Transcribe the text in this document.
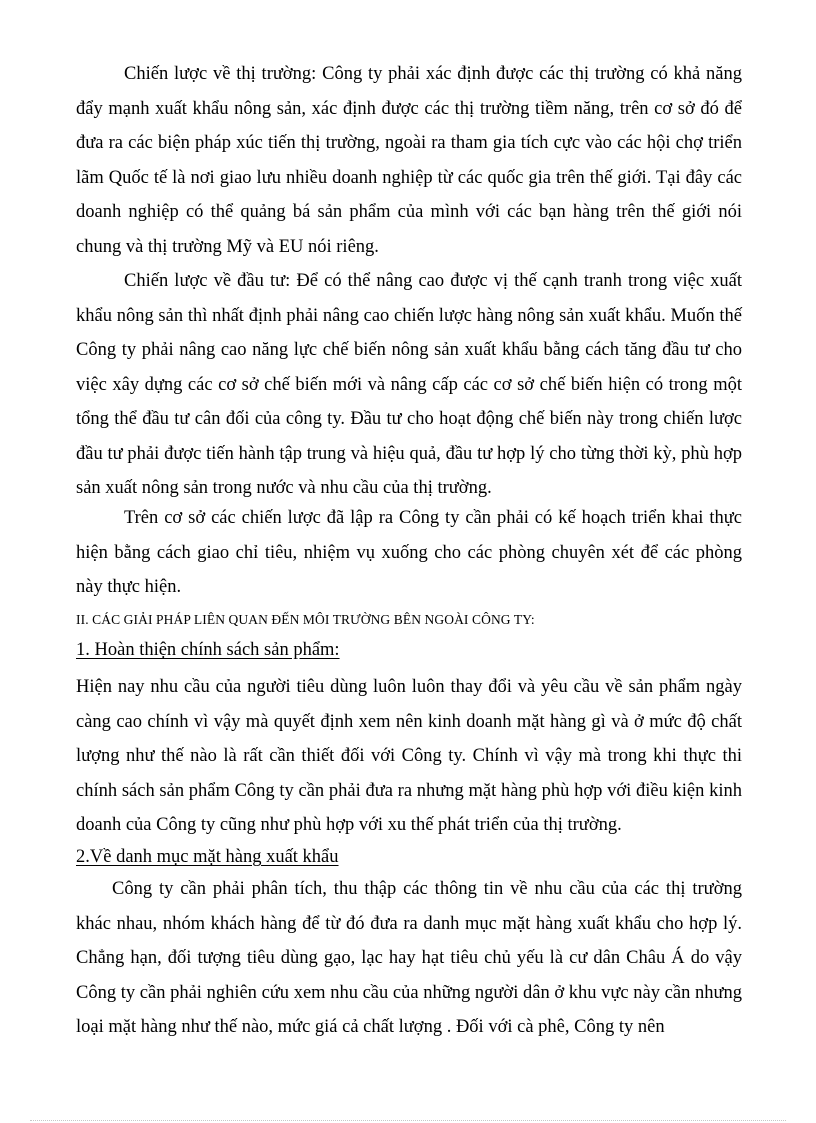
Chiến lược về thị trường: Công ty phải xác định được các thị trường có khả năng đẩy mạnh xuất khẩu nông sản, xác định được các thị trường tiềm năng, trên cơ sở đó để đưa ra các biện pháp xúc tiến thị trường, ngoài ra tham gia tích cực vào các hội chợ triển lãm Quốc tế là nơi giao lưu nhiều doanh nghiệp từ các quốc gia trên thế giới. Tại đây các doanh nghiệp có thể quảng bá sản phẩm của mình với các bạn hàng trên thế giới nói chung và thị trường Mỹ và EU nói riêng.

Chiến lược về đầu tư: Để có thể nâng cao được vị thế cạnh tranh trong việc xuất khẩu nông sản thì nhất định phải nâng cao chiến lược hàng nông sản xuất khẩu. Muốn thế Công ty phải nâng cao năng lực chế biến nông sản xuất khẩu bằng cách tăng đầu tư cho việc xây dựng các cơ sở chế biến mới và nâng cấp các cơ sở chế biến hiện có trong một tổng thể đầu tư cân đối của công ty. Đầu tư cho hoạt động chế biến này trong chiến lược đầu tư phải được tiến hành tập trung và hiệu quả, đầu tư hợp lý cho từng thời kỳ, phù hợp sản xuất nông sản trong nước và nhu cầu của thị trường.

Trên cơ sở các chiến lược đã lập ra Công ty cần phải có kế hoạch triển khai thực hiện bằng cách giao chỉ tiêu, nhiệm vụ xuống cho các phòng chuyên xét để các phòng này thực hiện.

II. CÁC GIẢI PHÁP LIÊN QUAN ĐẾN MÔI TRƯỜNG BÊN NGOÀI CÔNG TY:
1. Hoàn thiện chính sách sản phẩm:

Hiện nay nhu cầu của người tiêu dùng luôn luôn thay đổi và yêu cầu về sản phẩm ngày càng cao chính vì vậy mà quyết định xem nên kinh doanh mặt hàng gì và ở mức độ chất lượng như thế nào là rất cần thiết đối với Công ty. Chính vì vậy mà trong khi thực thi chính sách sản phẩm Công ty cần phải đưa ra nhưng mặt hàng phù hợp với điều kiện kinh doanh của Công ty cũng như phù hợp với xu thế phát triển của thị trường.

2.Về danh mục mặt hàng xuất khẩu

Công ty cần phải phân tích, thu thập các thông tin về nhu cầu của các thị trường khác nhau, nhóm khách hàng để từ đó đưa ra danh mục mặt hàng xuất khẩu cho hợp lý. Chẳng hạn, đối tượng tiêu dùng gạo, lạc hay hạt tiêu chủ yếu là cư dân Châu Á do vậy Công ty cần phải nghiên cứu xem nhu cầu của những người dân ở khu vực này cần nhưng loại mặt hàng như thế nào, mức giá cả chất lượng . Đối với cà phê, Công ty nên
